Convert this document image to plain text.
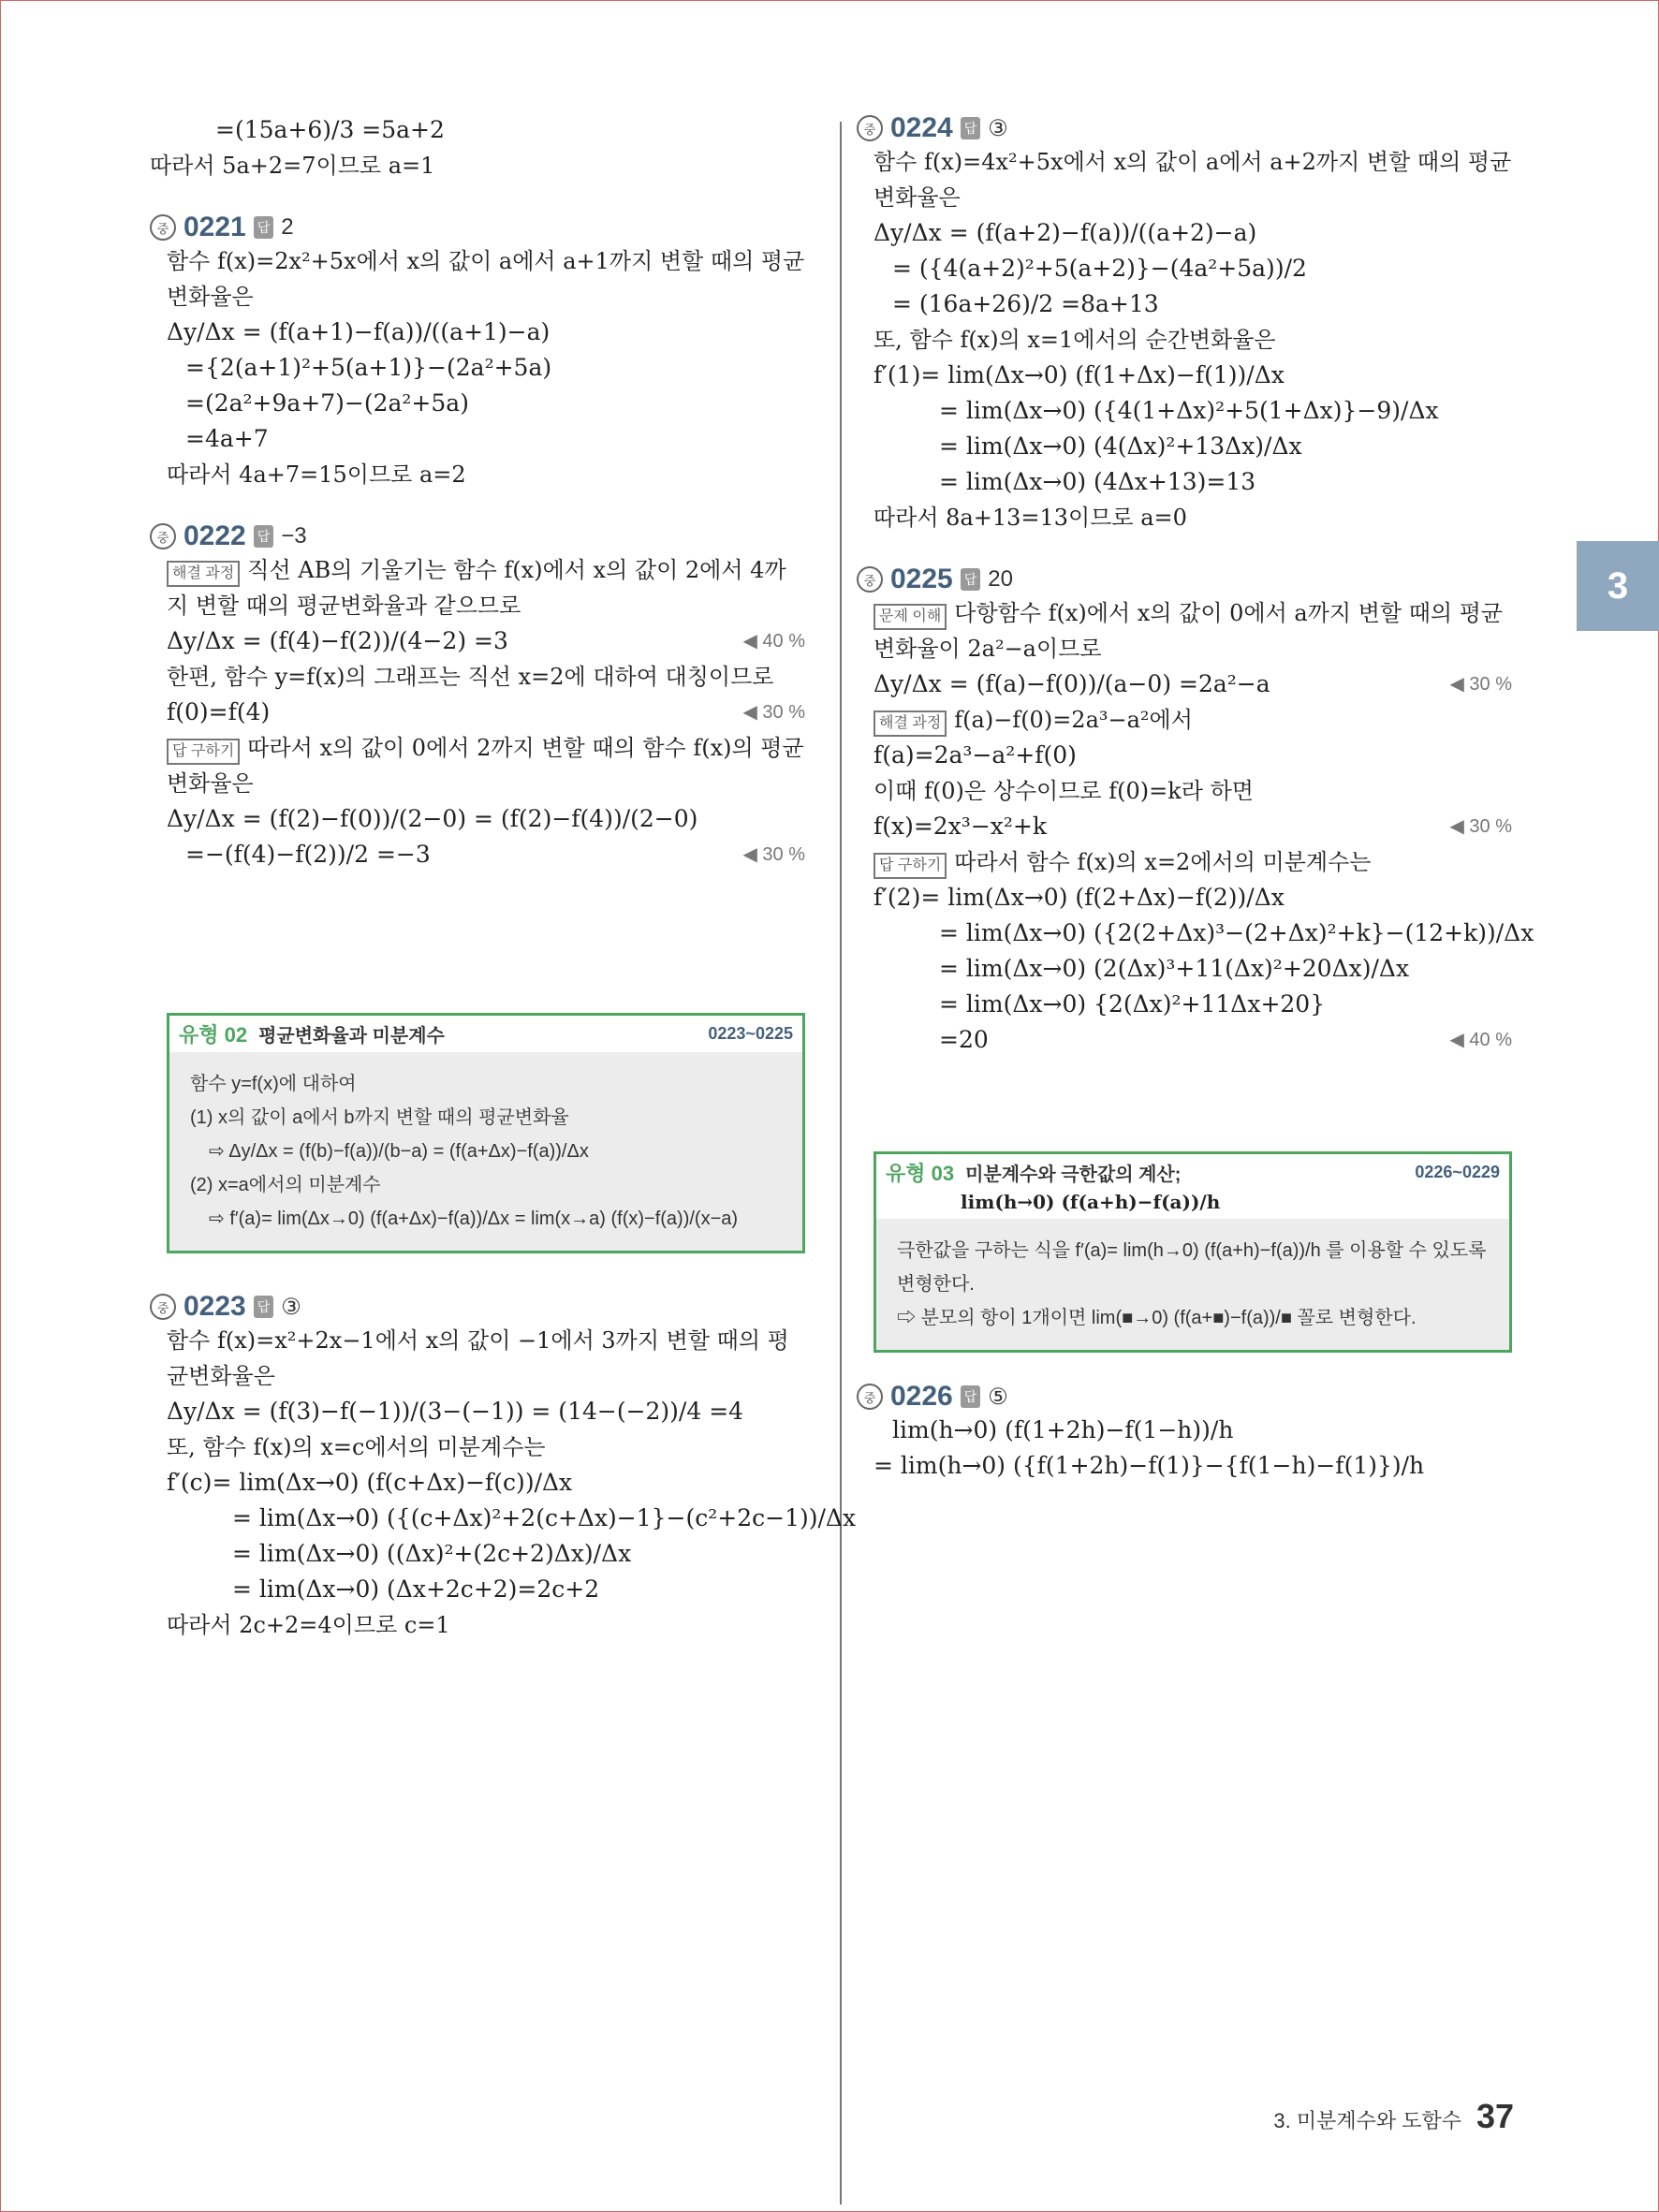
=(15a+6)/3 =5a+2
따라서 5a+2=7이므로 a=1
중 0221 답 2
함수 f(x)=2x²+5x에서 x의 값이 a에서 a+1까지 변할 때의 평균
변화율은
Δy/Δx = (f(a+1)−f(a))/((a+1)−a)
={2(a+1)²+5(a+1)}−(2a²+5a)
=(2a²+9a+7)−(2a²+5a)
=4a+7
따라서 4a+7=15이므로 a=2
중 0222 답 −3
해결 과정 직선 AB의 기울기는 함수 f(x)에서 x의 값이 2에서 4까
지 변할 때의 평균변화율과 같으므로
Δy/Δx = (f(4)−f(2))/(4−2) =3	◀ 40 %
한편, 함수 y=f(x)의 그래프는 직선 x=2에 대하여 대칭이므로
f(0)=f(4)	◀ 30 %
답 구하기 따라서 x의 값이 0에서 2까지 변할 때의 함수 f(x)의 평균
변화율은
Δy/Δx = (f(2)−f(0))/(2−0) = (f(2)−f(4))/(2−0)
=−(f(4)−f(2))/2 =−3	◀ 30 %
유형 02 평균변화율과 미분계수	0223~0225
함수 y=f(x)에 대하여
(1) x의 값이 a에서 b까지 변할 때의 평균변화율
⇨ Δy/Δx = (f(b)−f(a))/(b−a) = (f(a+Δx)−f(a))/Δx
(2) x=a에서의 미분계수
⇨ f′(a)= lim(Δx→0) (f(a+Δx)−f(a))/Δx = lim(x→a) (f(x)−f(a))/(x−a)
중 0223 답 ③
함수 f(x)=x²+2x−1에서 x의 값이 −1에서 3까지 변할 때의 평
균변화율은
Δy/Δx = (f(3)−f(−1))/(3−(−1)) = (14−(−2))/4 =4
또, 함수 f(x)의 x=c에서의 미분계수는
f′(c)= lim(Δx→0) (f(c+Δx)−f(c))/Δx
= lim(Δx→0) ({(c+Δx)²+2(c+Δx)−1}−(c²+2c−1))/Δx
= lim(Δx→0) ((Δx)²+(2c+2)Δx)/Δx
= lim(Δx→0) (Δx+2c+2)=2c+2
따라서 2c+2=4이므로 c=1
중 0224 답 ③
함수 f(x)=4x²+5x에서 x의 값이 a에서 a+2까지 변할 때의 평균
변화율은
Δy/Δx = (f(a+2)−f(a))/((a+2)−a)
= ({4(a+2)²+5(a+2)}−(4a²+5a))/2
= (16a+26)/2 =8a+13
또, 함수 f(x)의 x=1에서의 순간변화율은
f′(1)= lim(Δx→0) (f(1+Δx)−f(1))/Δx
= lim(Δx→0) ({4(1+Δx)²+5(1+Δx)}−9)/Δx
= lim(Δx→0) (4(Δx)²+13Δx)/Δx
= lim(Δx→0) (4Δx+13)=13
따라서 8a+13=13이므로 a=0
중 0225 답 20
문제 이해 다항함수 f(x)에서 x의 값이 0에서 a까지 변할 때의 평균
변화율이 2a²−a이므로
Δy/Δx = (f(a)−f(0))/(a−0) =2a²−a	◀ 30 %
해결 과정 f(a)−f(0)=2a³−a²에서
f(a)=2a³−a²+f(0)
이때 f(0)은 상수이므로 f(0)=k라 하면
f(x)=2x³−x²+k	◀ 30 %
답 구하기 따라서 함수 f(x)의 x=2에서의 미분계수는
f′(2)= lim(Δx→0) (f(2+Δx)−f(2))/Δx
= lim(Δx→0) ({2(2+Δx)³−(2+Δx)²+k}−(12+k))/Δx
= lim(Δx→0) (2(Δx)³+11(Δx)²+20Δx)/Δx
= lim(Δx→0) {2(Δx)²+11Δx+20}
=20	◀ 40 %
유형 03 미분계수와 극한값의 계산;	0226~0229
lim(h→0) (f(a+h)−f(a))/h
극한값을 구하는 식을 f′(a)= lim(h→0) (f(a+h)−f(a))/h 를 이용할 수 있도록
변형한다.
⇨ 분모의 항이 1개이면 lim(■→0) (f(a+■)−f(a))/■ 꼴로 변형한다.
중 0226 답 ⑤
lim(h→0) (f(1+2h)−f(1−h))/h
= lim(h→0) ({f(1+2h)−f(1)}−{f(1−h)−f(1)})/h
3
3. 미분계수와 도함수 37
